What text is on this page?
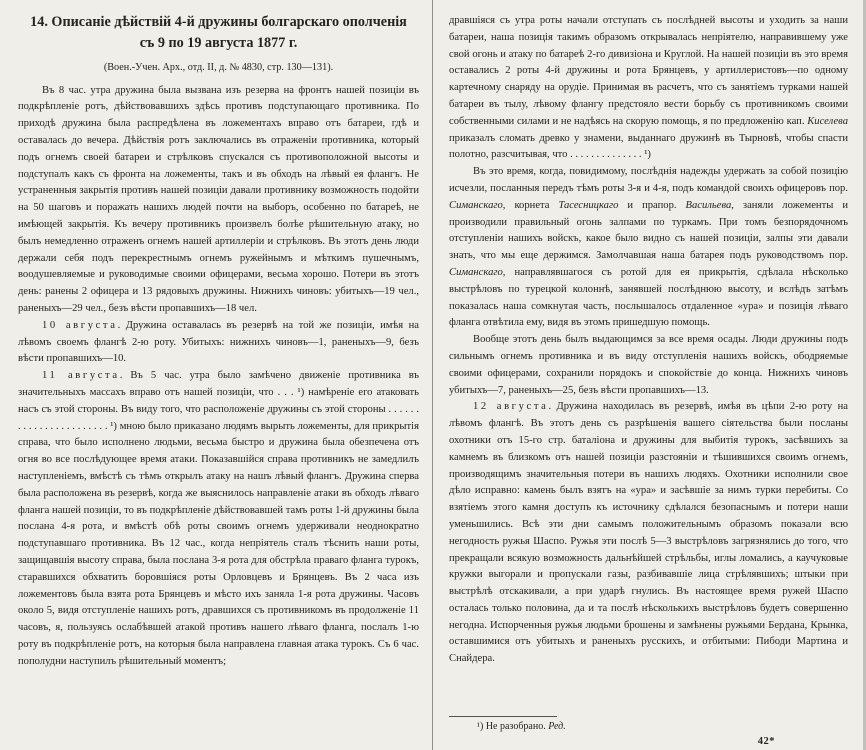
14. Описаніе дѣйствій 4-й дружины болгарскаго ополченія съ 9 по 19 августа 1877 г.
(Воен.-Учен. Арх., отд. II, д. № 4830, стр. 130—131).

Въ 8 час. утра дружина была вызвана изъ резерва на фронтъ нашей позиціи въ подкрѣпленіе ротъ, дѣйствовавшихъ здѣсь противъ подступающаго противника. По приходѣ дружина была распредѣлена въ ложементахъ вправо отъ батареи, гдѣ и оставалась до вечера. Дѣйствія ротъ заключались въ отраженіи противника, который подъ огнемъ своей батареи и стрѣлковъ спускался съ противоположной высоты и подступалъ какъ съ фронта на ложементы, такъ и въ обходъ на лѣвый ея флангъ. Не устраненныя закрытія противъ нашей позиціи давали противнику возможность подойти на 50 шаговъ и поражать нашихъ людей почти на выборъ, особенно по батареѣ, не имѣющей закрытія. Къ вечеру противникъ произвелъ болѣе рѣшительную атаку, но былъ немедленно отраженъ огнемъ нашей артиллеріи и стрѣлковъ. Въ этотъ день люди держали себя подъ перекрестнымъ огнемъ ружейнымъ и мѣткимъ пушечнымъ, воодушевляемые и руководимые своими офицерами, весьма хорошо. Потери въ этотъ день: ранены 2 офицера и 13 рядовыхъ дружины. Нижнихъ чиновъ: убитыхъ—19 чел., раненыхъ—29 чел., безъ вѣсти пропавшихъ—18 чел.

10 августа. Дружина оставалась въ резервѣ на той же позиціи, имѣя на лѣвомъ своемъ флангѣ 2-ю роту. Убитыхъ: нижнихъ чиновъ—1, раненыхъ—9, безъ вѣсти пропавшихъ—10.

11 августа. Въ 5 час. утра было замѣчено движеніе противника въ значительныхъ массахъ вправо отъ нашей позиціи, что . . . ¹) намѣреніе его атаковать насъ съ этой стороны. Въ виду того, что расположеніе дружины съ этой стороны . . . . . . . . . . . . . . . . . . . . . . . ¹) мною было приказано людямъ вырыть ложементы, для прикрытія справа, что было исполнено людьми, весьма быстро и дружина была обезпечена отъ огня во все послѣдующее время атаки. Показавшійся справа противникъ не замедлилъ наступленіемъ, вмѣстѣ съ тѣмъ открылъ атаку на нашъ лѣвый флангъ. Дружина сперва была расположена въ резервѣ, когда же выяснилось направленіе атаки въ обходъ лѣваго фланга нашей позиціи, то въ подкрѣпленіе дѣйствовавшей тамъ роты 1-й дружины была послана 4-я рота, и вмѣстѣ обѣ роты своимъ огнемъ удерживали неоднократно подступавшаго противника. Въ 12 час., когда непріятель сталъ тѣснить наши роты, защищавшія высоту справа, была послана 3-я рота для обстрѣла праваго фланга турокъ, старавшихся обхватить боровшіяся роты Орловцевъ и Брянцевъ. Въ 2 часа изъ ложементовъ была взята рота Брянцевъ и мѣсто ихъ заняла 1-я рота дружины. Часовъ около 5, видя отступленіе нашихъ ротъ, дравшихся съ противникомъ въ продолженіе 11 часовъ, я, пользуясь ослабѣвшей атакой противъ нашего лѣваго фланга, послалъ 1-ю роту въ подкрѣпленіе ротъ, на которыя была направлена главная атака турокъ. Съ 6 час. пополудни наступилъ рѣшительный моментъ;

дравшіяся съ утра роты начали отступать съ послѣдней высоты и уходить за наши батареи, наша позиція такимъ образомъ открывалась непріятелю, направившему уже свой огонь и атаку по батареѣ 2-го дивизіона и Круглой. На нашей позиціи въ это время оставались 2 роты 4-й дружины и рота Брянцевъ, у артиллеристовъ—по одному картечному снаряду на орудіе. Принимая въ расчетъ, что съ занятіемъ турками нашей батареи въ тылу, лѣвому флангу предстояло вести борьбу съ противникомъ своими собственными силами и не надѣясь на скорую помощь, я по предложенію кап. Киселева приказалъ сломать древко у знамени, выданнаго дружинѣ въ Тырновѣ, чтобы спасти полотно, разсчитывая, что . . . . . . . . . . . . . . ¹)

Въ это время, когда, повидимому, послѣднія надежды удержать за собой позицію исчезли, посланныя передъ тѣмъ роты 3-я и 4-я, подъ командой своихъ офицеровъ пор. Симанскаго, корнета Тасесницкаго и прапор. Васильева, заняли ложементы и производили правильный огонь залпами по туркамъ. При томъ безпорядочномъ отступленіи нашихъ войскъ, какое было видно съ нашей позиціи, залпы эти давали знать, что мы еще держимся. Замолчавшая наша батарея подъ руководствомъ пор. Симанскаго, направлявшагося съ ротой для ея прикрытія, сдѣлала нѣсколько выстрѣловъ по турецкой колоннѣ, занявшей послѣднюю высоту, и вслѣдъ затѣмъ показалась наша сомкнутая часть, послышалось отдаленное «ура» и позиція лѣваго фланга отвѣтила ему, видя въ этомъ пришедшую помощь.

Вообще этотъ день былъ выдающимся за все время осады. Люди дружины подъ сильнымъ огнемъ противника и въ виду отступленія нашихъ войскъ, ободряемые своими офицерами, сохранили порядокъ и спокойствіе до конца. Нижнихъ чиновъ убитыхъ—7, раненыхъ—25, безъ вѣсти пропавшихъ—13.

12 августа. Дружина находилась въ резервѣ, имѣя въ цѣпи 2-ю роту на лѣвомъ флангѣ. Въ этотъ день съ разрѣшенія вашего сіятельства были посланы охотники отъ 15-го стр. баталіона и дружины для выбитія турокъ, засѣвшихъ за камнемъ въ близкомъ отъ нашей позиціи разстояніи и тѣшившихся своимъ огнемъ, производящимъ значительныя потери въ нашихъ людяхъ. Охотники исполнили свое дѣло исправно: камень былъ взятъ на «ура» и засѣвшіе за нимъ турки перебиты. Со взятіемъ этого камня доступъ къ источнику сдѣлался безопаснымъ и потери наши уменьшились. Всѣ эти дни самымъ положительнымъ образомъ показали всю негодность ружья Шаспо. Ружья эти послѣ 5—3 выстрѣловъ загрязнялись до того, что прекращали всякую возможность дальнѣйшей стрѣльбы, иглы ломались, а каучуковые кружки выгорали и пропускали газы, разбивавшіе лица стрѣлявшихъ; штыки при выстрѣлѣ отскакивали, а при ударѣ гнулись. Въ настоящее время ружей Шаспо осталась только половина, да и та послѣ нѣсколькихъ выстрѣловъ будетъ совершенно негодна. Испорченныя ружья людьми брошены и замѣнены ружьями Бердана, Крынка, оставшимися отъ убитыхъ и раненыхъ русскихъ, и отбитыми: Пибоди Мартина и Снайдера.

¹) Не разобрано. Ред.
42*
